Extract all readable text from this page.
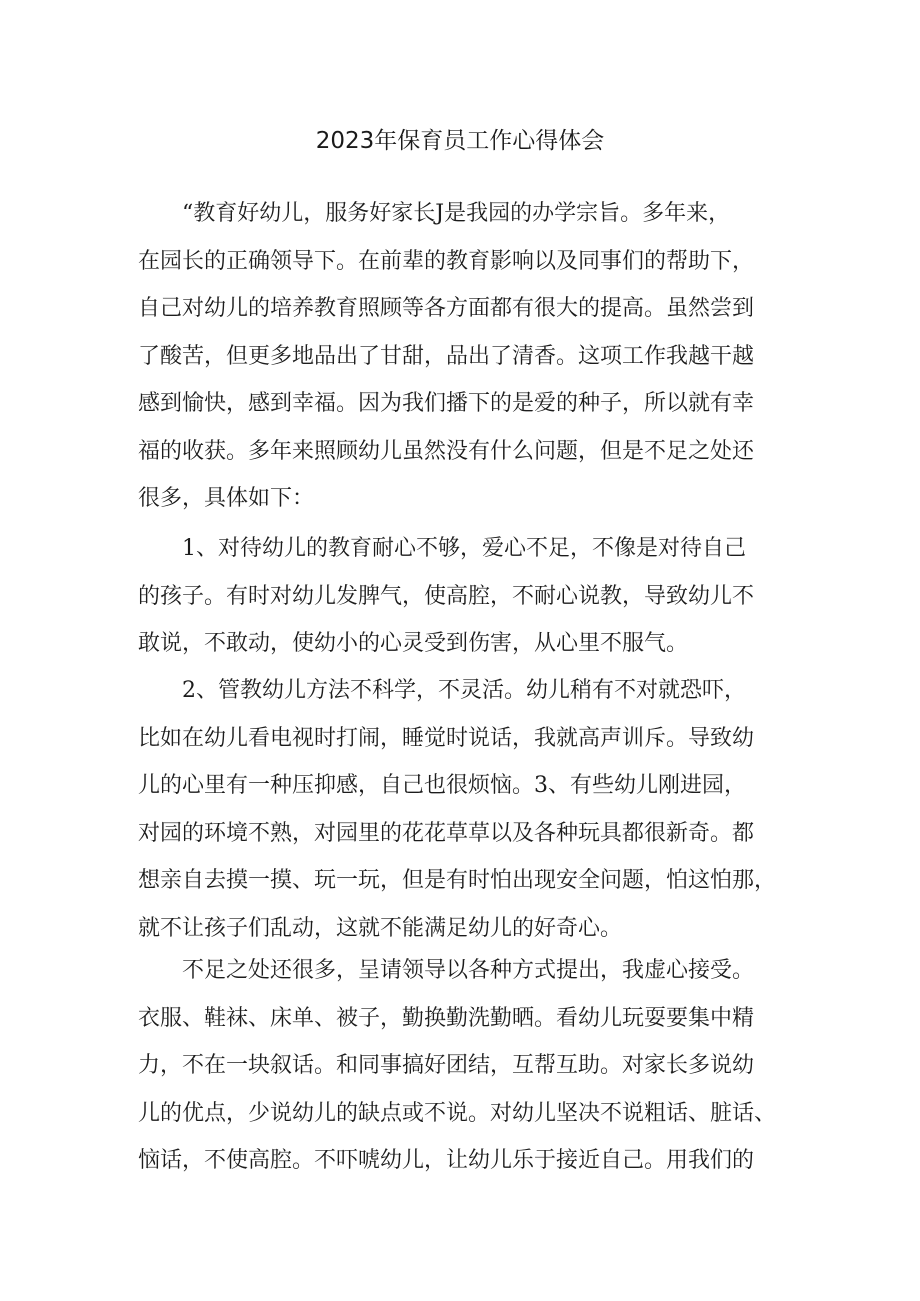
2023年保育员工作心得体会
“教育好幼儿，服务好家长J是我园的办学宗旨。多年来，
在园长的正确领导下。在前辈的教育影响以及同事们的帮助下，
自己对幼儿的培养教育照顾等各方面都有很大的提高。虽然尝到
了酸苦，但更多地品出了甘甜，品出了清香。这项工作我越干越
感到愉快，感到幸福。因为我们播下的是爱的种子，所以就有幸
福的收获。多年来照顾幼儿虽然没有什么问题，但是不足之处还
很多，具体如下：
1、对待幼儿的教育耐心不够，爱心不足，不像是对待自己
的孩子。有时对幼儿发脾气，使高腔，不耐心说教，导致幼儿不
敢说，不敢动，使幼小的心灵受到伤害，从心里不服气。
2、管教幼儿方法不科学，不灵活。幼儿稍有不对就恐吓，
比如在幼儿看电视时打闹，睡觉时说话，我就高声训斥。导致幼
儿的心里有一种压抑感，自己也很烦恼。3、有些幼儿刚进园，
对园的环境不熟，对园里的花花草草以及各种玩具都很新奇。都
想亲自去摸一摸、玩一玩，但是有时怕出现安全问题，怕这怕那，
就不让孩子们乱动，这就不能满足幼儿的好奇心。
不足之处还很多，呈请领导以各种方式提出，我虚心接受。
衣服、鞋袜、床单、被子，勤换勤洗勤晒。看幼儿玩耍要集中精
力，不在一块叙话。和同事搞好团结，互帮互助。对家长多说幼
儿的优点，少说幼儿的缺点或不说。对幼儿坚决不说粗话、脏话、
恼话，不使高腔。不吓唬幼儿，让幼儿乐于接近自己。用我们的
